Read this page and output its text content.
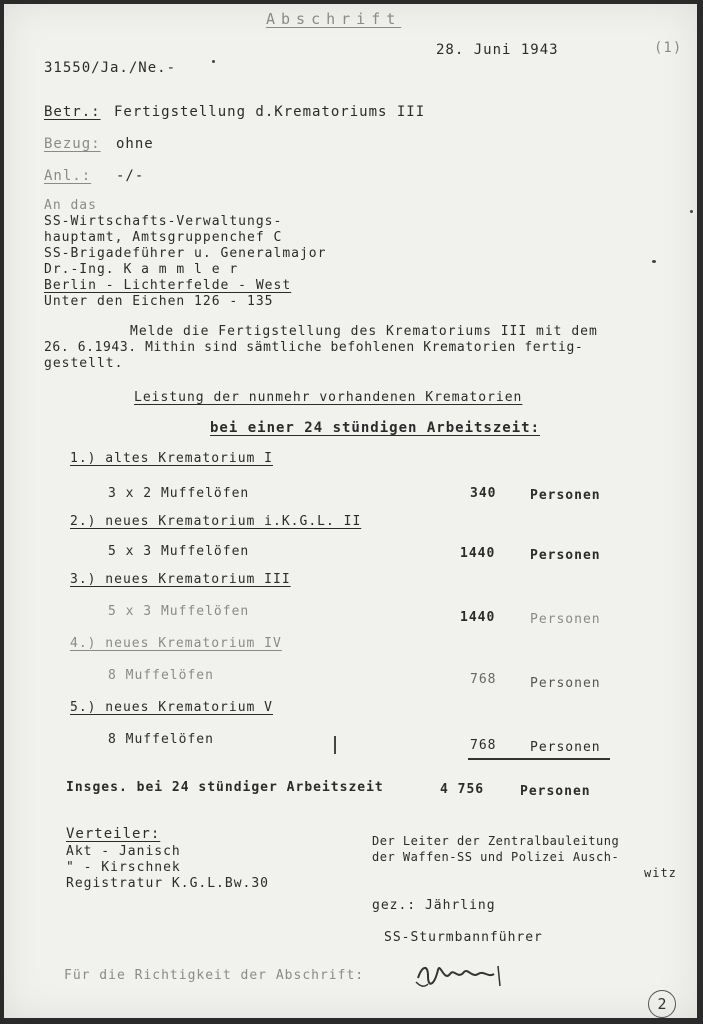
Abschrift
28. Juni 1943	(1)
31550/Ja./Ne.-
Betr.: Fertigstellung d.Krematoriums III
Bezug: ohne
Anl.: -/-
An das
SS-Wirtschafts-Verwaltungs-
hauptamt, Amtsgruppenchef C
SS-Brigadeführer u. Generalmajor
Dr.-Ing. K a m m l e r
Berlin - Lichterfelde - West
Unter den Eichen 126 - 135
Melde die Fertigstellung des Krematoriums III mit dem
26. 6.1943. Mithin sind sämtliche befohlenen Krematorien fertig-
gestellt.
Leistung der nunmehr vorhandenen Krematorien
bei einer 24 stündigen Arbeitszeit:
1.) altes Krematorium I
3 x 2 Muffelöfen	340	Personen
2.) neues Krematorium i.K.G.L. II
5 x 3 Muffelöfen	1440	Personen
3.) neues Krematorium III
5 x 3 Muffelöfen	1440	Personen
4.) neues Krematorium IV
8 Muffelöfen	768	Personen
5.) neues Krematorium V
8 Muffelöfen	768	Personen
Insges. bei 24 stündiger Arbeitszeit	4 756	Personen
Verteiler:
Akt - Janisch
" - Kirschnek
Registratur K.G.L.Bw.30
Der Leiter der Zentralbauleitung
der Waffen-SS und Polizei Ausch-
witz
gez.: Jährling
SS-Sturmbannführer
Für die Richtigkeit der Abschrift:
2
